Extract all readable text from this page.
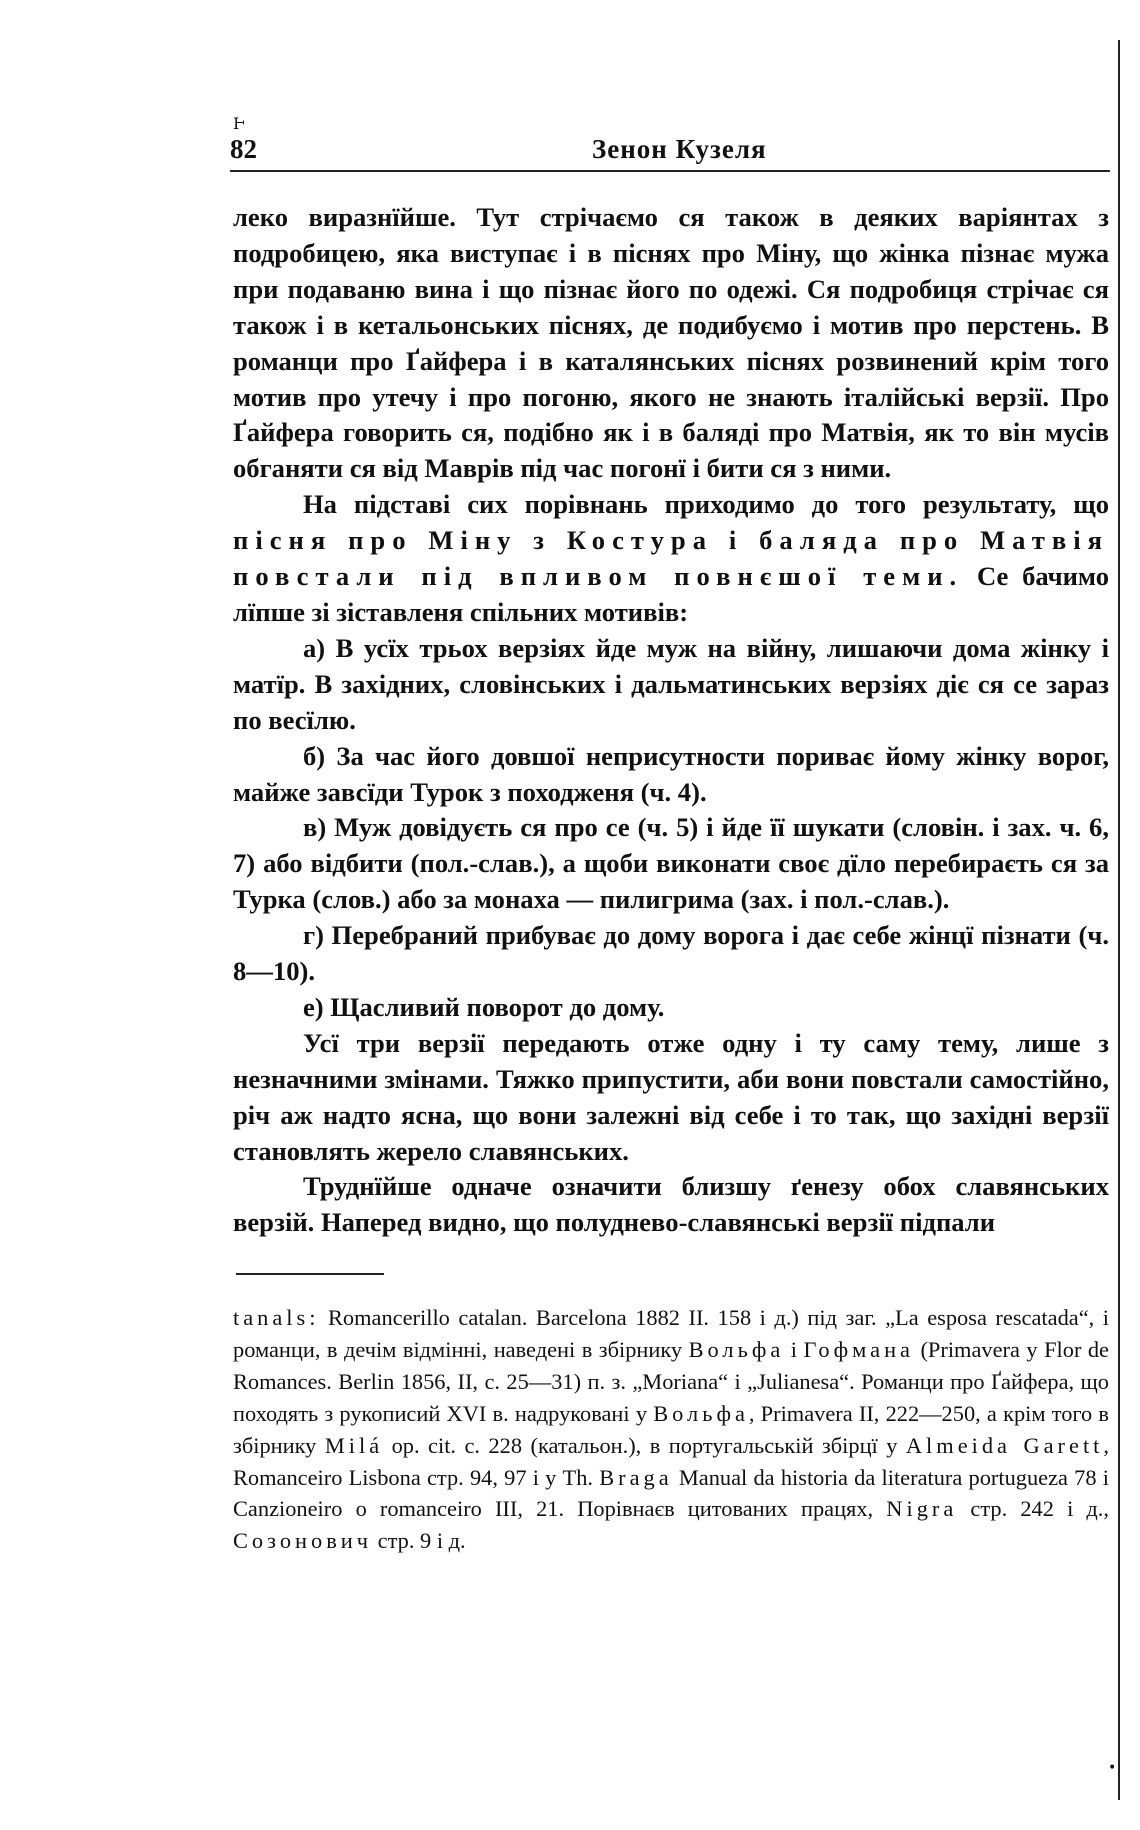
Ͱ
82	Зенон Кузеля

леко виразнїйше. Тут стрічаємо ся також в деяких варіянтах з подробицею, яка виступає і в піснях про Міну, що жінка пізнає мужа при подаваню вина і що пізнає його по одежі. Ся подробиця стрічає ся також і в кетальонських піснях, де подибуємо і мотив про перстень. В романци про Ґайфера і в каталянських піснях розвинений крім того мотив про утечу і про погоню, якого не знають італійські верзії. Про Ґайфера говорить ся, подібно як і в баляді про Матвія, як то він мусів обганяти ся від Маврів під час погонї і бити ся з ними.

На підставі сих порівнань приходимо до того результату, що пісня про Міну з Костура і баляда про Матвія повстали під впливом повнєшої теми. Се бачимо лїпше зі зіставленя спільних мотивів:

а) В усїх трьох верзіях йде муж на війну, лишаючи дома жінку і матїр. В західних, словінських і дальматинських верзіях діє ся се зараз по весїлю.

б) За час його довшої неприсутности пориває йому жінку ворог, майже завсїди Турок з походженя (ч. 4).

в) Муж довідуєть ся про се (ч. 5) і йде її шукати (словін. і зах. ч. 6, 7) або відбити (пол.-слав.), а щоби виконати своє дїло перебираєть ся за Турка (слов.) або за монаха — пилигрима (зах. і пол.-слав.).

г) Перебраний прибуває до дому ворога і дає себе жінцї пізнати (ч. 8—10).

е) Щасливий поворот до дому.

Усї три верзії передають отже одну і ту саму тему, лише з незначними змінами. Тяжко припустити, аби вони повстали самостійно, річ аж надто ясна, що вони залежні від себе і то так, що західні верзії становлять жерело славянських.

Труднїйше одначе означити близшу ґенезу обох славянських верзій. Наперед видно, що полудневo-славянські верзії підпали

tanals: Romancerillo catalan. Barcelona 1882 II. 158 і д.) під заг. „La esposa rescatada“, і романци, в дечім відмінні, наведені в збірнику Вольфа і Гофмана (Primavera y Flor de Romances. Berlin 1856, II, с. 25—31) п. з. „Moriana“ і „Julianesa“. Романци про Ґайфера, що походять з рукописий XVI в. надруковані у Вольфа, Primavera II, 222—250, а крім того в збірнику Milá op. cit. с. 228 (катальон.), в португальській збірцї у Almeida Garett, Romanceiro Lisbona стр. 94, 97 і у Th. Braga Manual da historia da literatura portugueza 78 і Canzioneiro o romanceiro III, 21. Порівнаєв цитованих працях, Nigra стр. 242 і д., Созонович стр. 9 і д.

•
